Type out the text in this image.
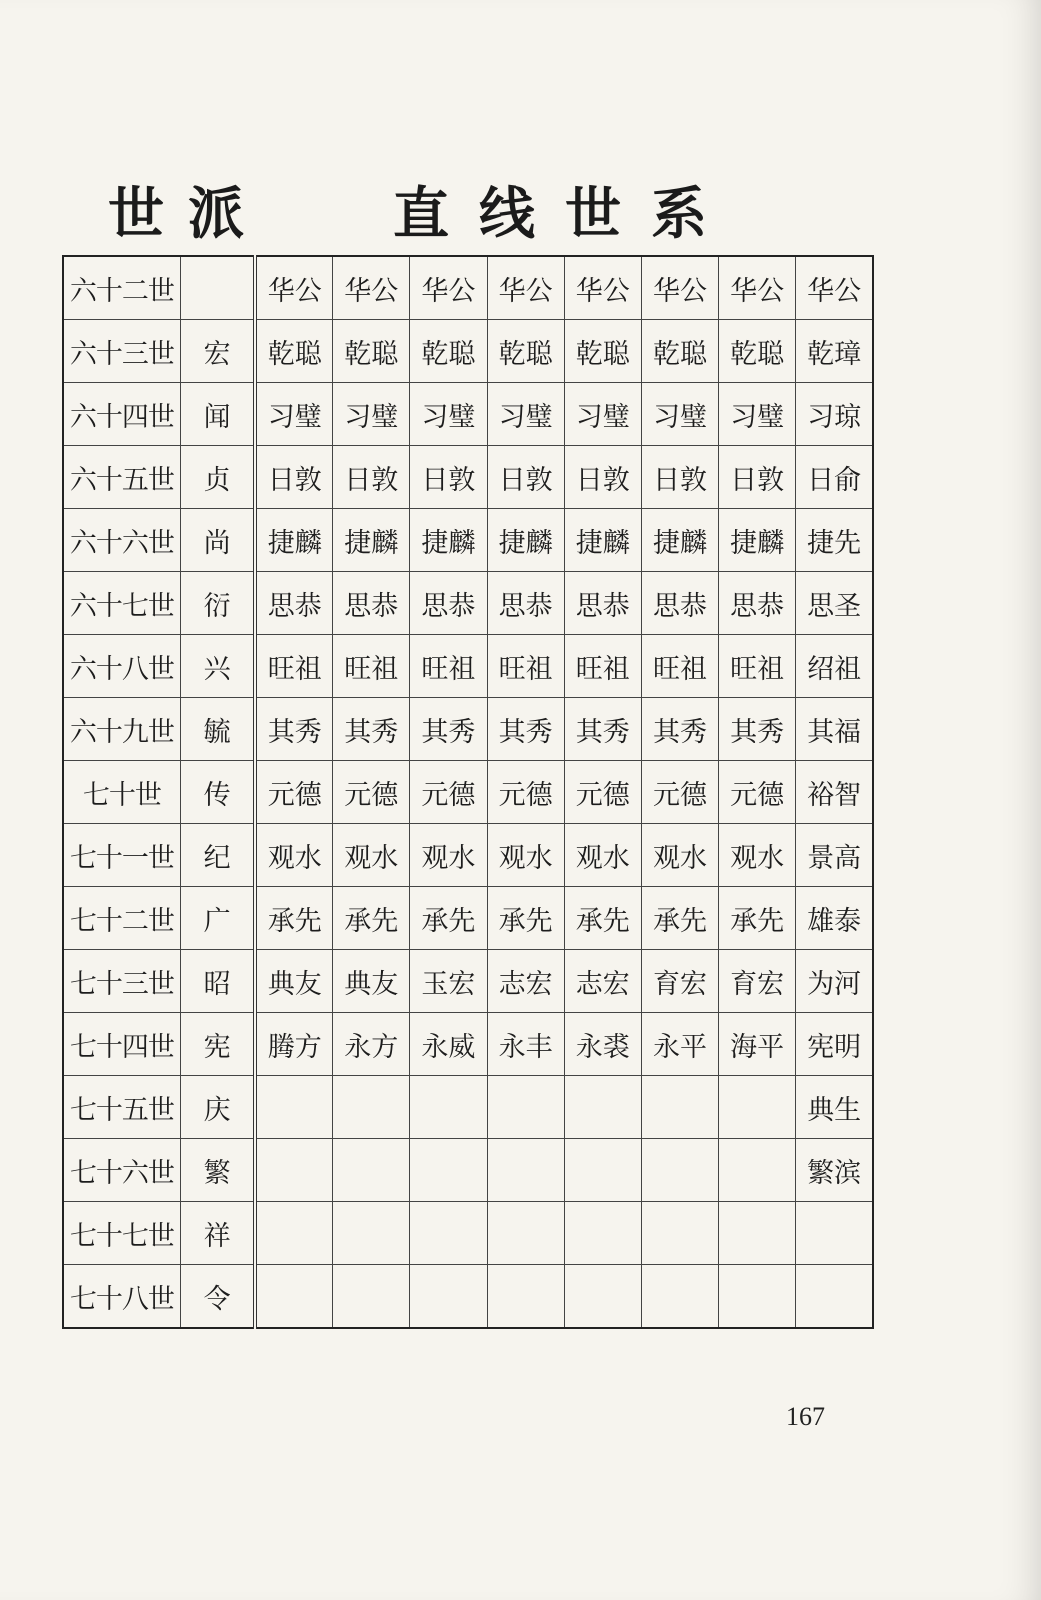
世派 直线世系
六十二世		华公	华公	华公	华公	华公	华公	华公	华公
六十三世	宏	乾聪	乾聪	乾聪	乾聪	乾聪	乾聪	乾聪	乾璋
六十四世	闻	习璧	习璧	习璧	习璧	习璧	习璧	习璧	习琼
六十五世	贞	日敦	日敦	日敦	日敦	日敦	日敦	日敦	日俞
六十六世	尚	捷麟	捷麟	捷麟	捷麟	捷麟	捷麟	捷麟	捷先
六十七世	衍	思恭	思恭	思恭	思恭	思恭	思恭	思恭	思圣
六十八世	兴	旺祖	旺祖	旺祖	旺祖	旺祖	旺祖	旺祖	绍祖
六十九世	毓	其秀	其秀	其秀	其秀	其秀	其秀	其秀	其福
七十世	传	元德	元德	元德	元德	元德	元德	元德	裕智
七十一世	纪	观水	观水	观水	观水	观水	观水	观水	景高
七十二世	广	承先	承先	承先	承先	承先	承先	承先	雄泰
七十三世	昭	典友	典友	玉宏	志宏	志宏	育宏	育宏	为河
七十四世	宪	腾方	永方	永威	永丰	永裘	永平	海平	宪明
七十五世	庆								典生
七十六世	繁								繁滨
七十七世	祥								
七十八世	令								
167
